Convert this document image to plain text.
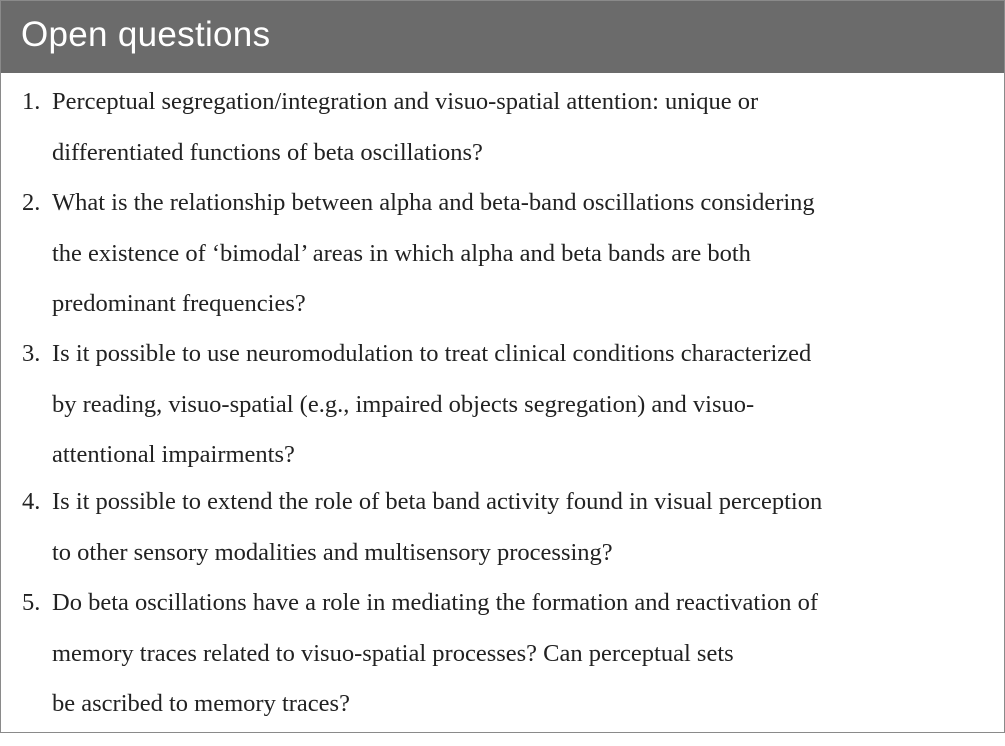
Open questions
1. Perceptual segregation/integration and visuo-spatial attention: unique or
differentiated functions of beta oscillations?
2. What is the relationship between alpha and beta-band oscillations considering
the existence of ‘bimodal’ areas in which alpha and beta bands are both
predominant frequencies?
3. Is it possible to use neuromodulation to treat clinical conditions characterized
by reading, visuo-spatial (e.g., impaired objects segregation) and visuo-
attentional impairments?
4. Is it possible to extend the role of beta band activity found in visual perception
to other sensory modalities and multisensory processing?
5. Do beta oscillations have a role in mediating the formation and reactivation of
memory traces related to visuo-spatial processes? Can perceptual sets
be ascribed to memory traces?
